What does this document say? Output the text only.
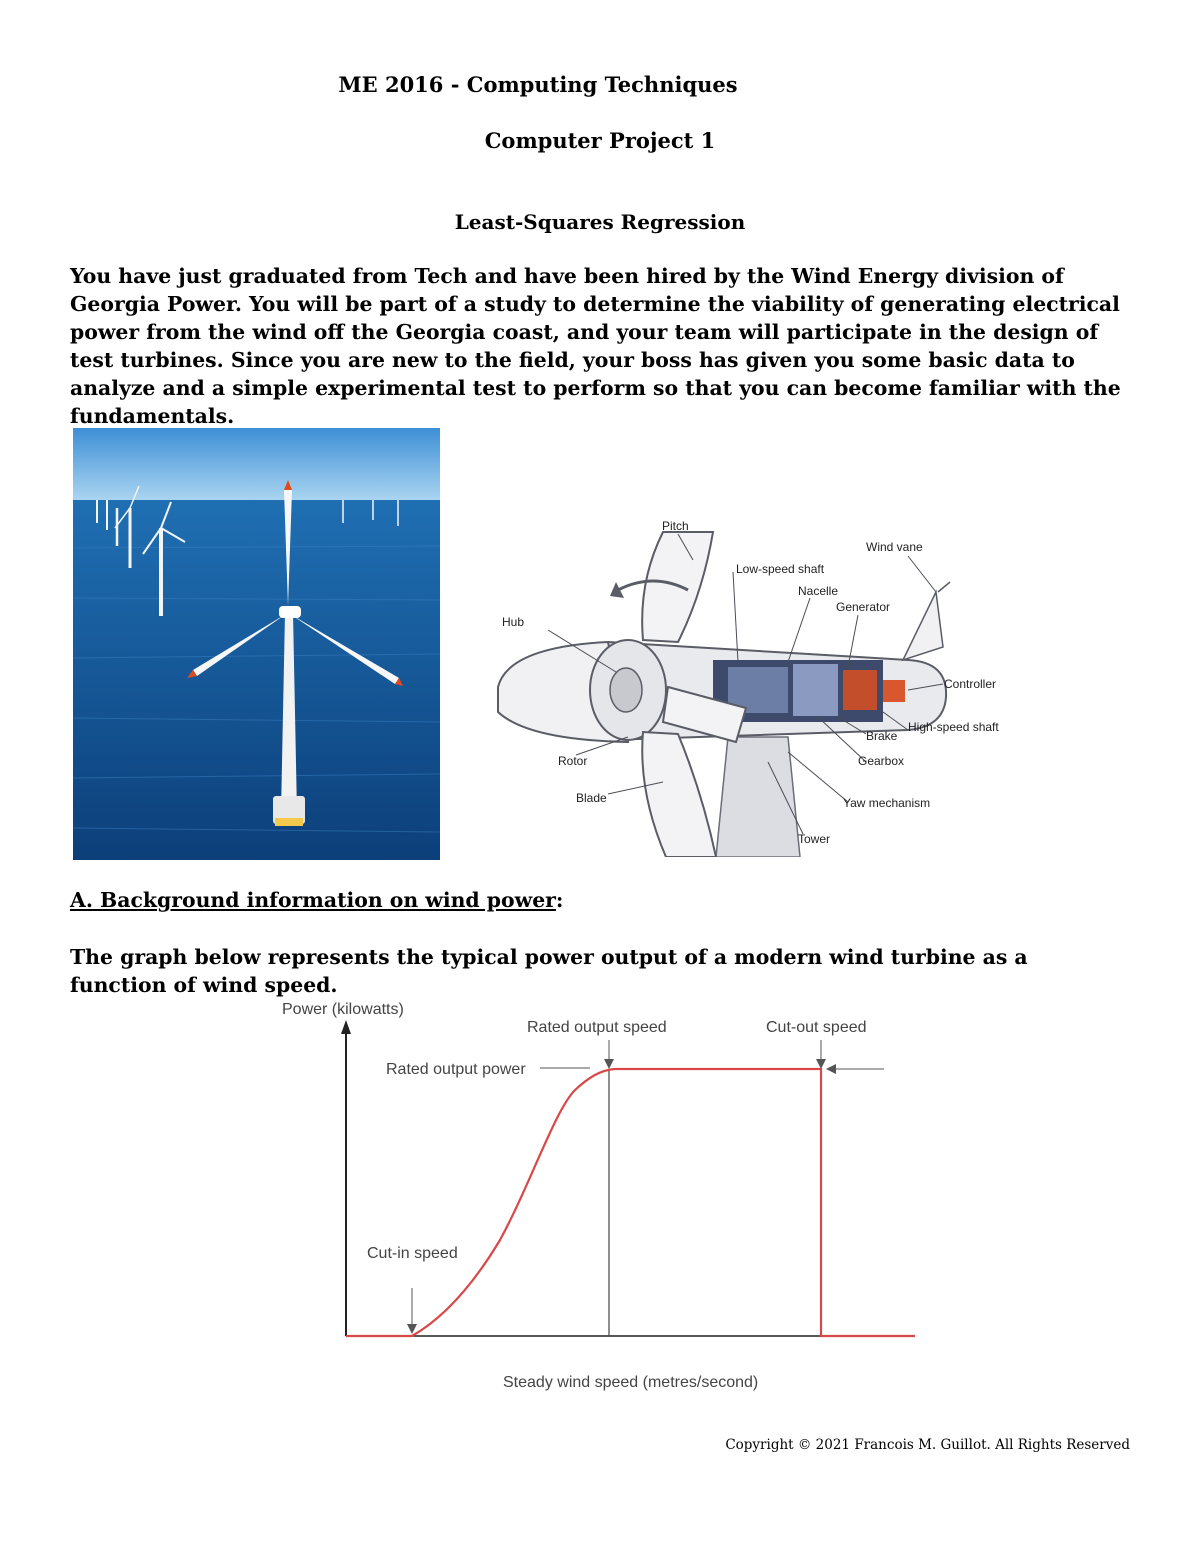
ME 2016 - Computing Techniques
Computer Project 1
Least-Squares Regression

You have just graduated from Tech and have been hired by the Wind Energy division of Georgia Power. You will be part of a study to determine the viability of generating electrical power from the wind off the Georgia coast, and your team will participate in the design of test turbines. Since you are new to the field, your boss has given you some basic data to analyze and a simple experimental test to perform so that you can become familiar with the fundamentals.

Pitch
Wind vane
Low-speed shaft
Nacelle
Generator
Hub
Controller
High-speed shaft
Brake
Rotor	Gearbox
Blade	Yaw mechanism
Tower
A. Background information on wind power:
The graph below represents the typical power output of a modern wind turbine as a function of wind speed.
Power (kilowatts)
Rated output speed	Cut-out speed
Rated output power
Cut-in speed
Steady wind speed (metres/second)
Copyright © 2021 Francois M. Guillot. All Rights Reserved
